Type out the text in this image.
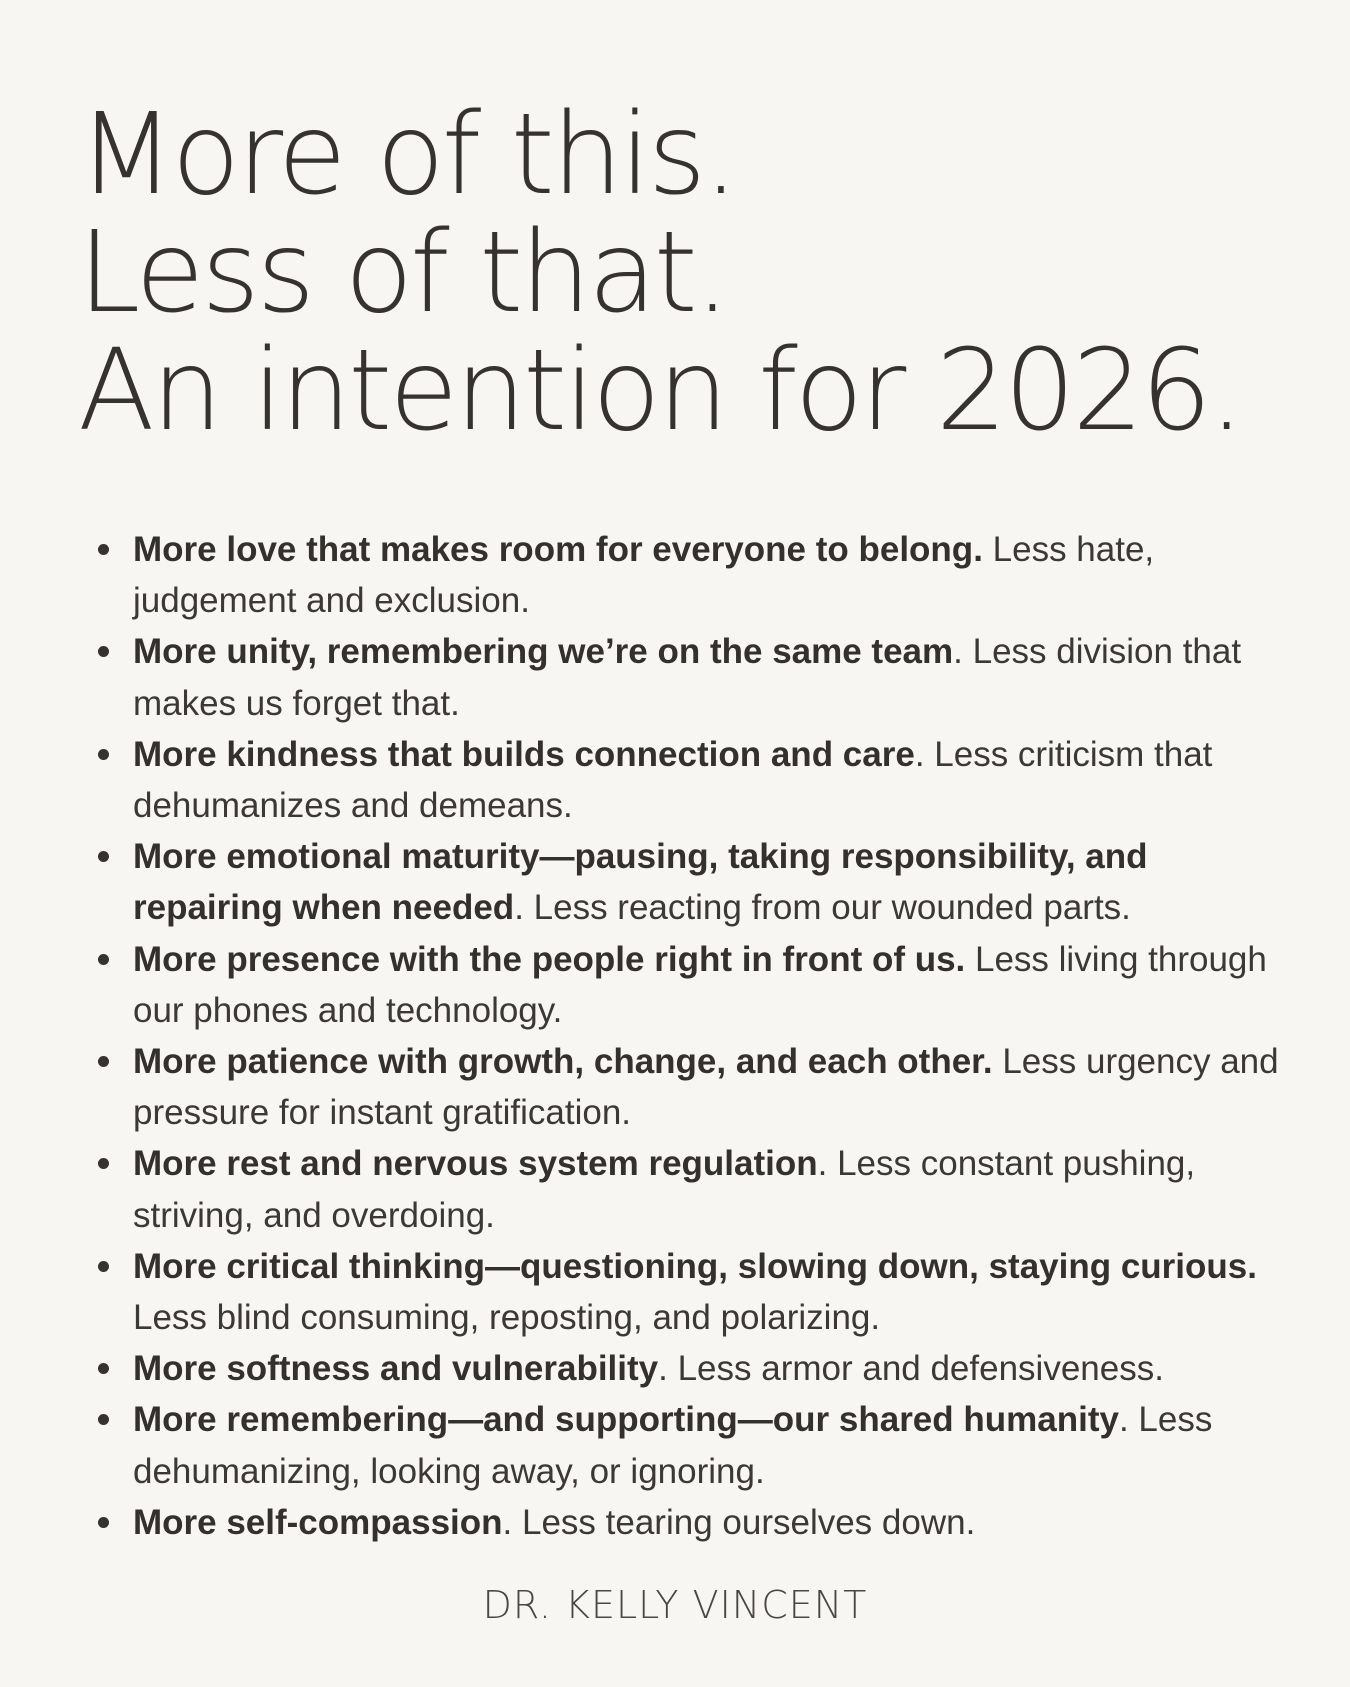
More of this.
Less of that.
An intention for 2026.
More love that makes room for everyone to belong. Less hate, judgement and exclusion.
More unity, remembering we’re on the same team. Less division that makes us forget that.
More kindness that builds connection and care. Less criticism that dehumanizes and demeans.
More emotional maturity—pausing, taking responsibility, and repairing when needed. Less reacting from our wounded parts.
More presence with the people right in front of us. Less living through our phones and technology.
More patience with growth, change, and each other. Less urgency and pressure for instant gratification.
More rest and nervous system regulation. Less constant pushing, striving, and overdoing.
More critical thinking—questioning, slowing down, staying curious. Less blind consuming, reposting, and polarizing.
More softness and vulnerability. Less armor and defensiveness.
More remembering—and supporting—our shared humanity. Less dehumanizing, looking away, or ignoring.
More self-compassion. Less tearing ourselves down.
DR. KELLY VINCENT
